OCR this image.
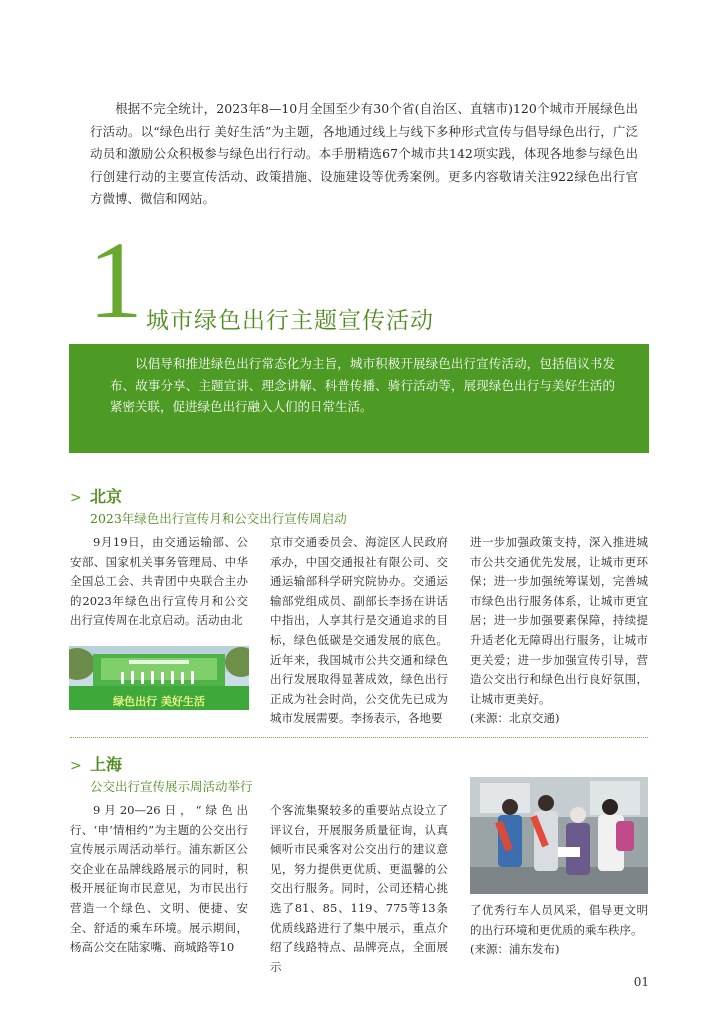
根据不完全统计，2023年8—10月全国至少有30个省(自治区、直辖市)120个城市开展绿色出行活动。以“绿色出行 美好生活”为主题，各地通过线上与线下多种形式宣传与倡导绿色出行，广泛动员和激励公众积极参与绿色出行行动。本手册精选67个城市共142项实践，体现各地参与绿色出行创建行动的主要宣传活动、政策措施、设施建设等优秀案例。更多内容敬请关注922绿色出行官方微博、微信和网站。

1 城市绿色出行主题宣传活动
以倡导和推进绿色出行常态化为主旨，城市积极开展绿色出行宣传活动，包括倡议书发布、故事分享、主题宣讲、理念讲解、科普传播、骑行活动等，展现绿色出行与美好生活的紧密关联，促进绿色出行融入人们的日常生活。
> 北京
2023年绿色出行宣传月和公交出行宣传周启动

9月19日，由交通运输部、公安部、国家机关事务管理局、中华全国总工会、共青团中央联合主办的2023年绿色出行宣传月和公交出行宣传周在北京启动。活动由北

绿色出行 美好生活

京市交通委员会、海淀区人民政府承办，中国交通报社有限公司、交通运输部科学研究院协办。交通运输部党组成员、副部长李扬在讲话中指出，人享其行是交通追求的目标，绿色低碳是交通发展的底色。近年来，我国城市公共交通和绿色出行发展取得显著成效，绿色出行正成为社会时尚，公交优先已成为城市发展需要。李扬表示，各地要

进一步加强政策支持，深入推进城市公共交通优先发展，让城市更环保；进一步加强统筹谋划，完善城市绿色出行服务体系，让城市更宜居；进一步加强要素保障，持续提升适老化无障碍出行服务，让城市更关爱；进一步加强宣传引导，营造公交出行和绿色出行良好氛围，让城市更美好。
(来源：北京交通)

> 上海
公交出行宣传展示周活动举行

9月20—26日，“绿色出行、‘申’情相约”为主题的公交出行宣传展示周活动举行。浦东新区公交企业在品牌线路展示的同时，积极开展征询市民意见，为市民出行营造一个绿色、文明、便捷、安全、舒适的乘车环境。展示期间，杨高公交在陆家嘴、商城路等10

个客流集聚较多的重要站点设立了评议台，开展服务质量征询，认真倾听市民乘客对公交出行的建议意见，努力提供更优质、更温馨的公交出行服务。同时，公司还精心挑选了81、85、119、775等13条优质线路进行了集中展示，重点介绍了线路特点、品牌亮点，全面展示

了优秀行车人员风采，倡导更文明的出行环境和更优质的乘车秩序。
(来源：浦东发布)

01
